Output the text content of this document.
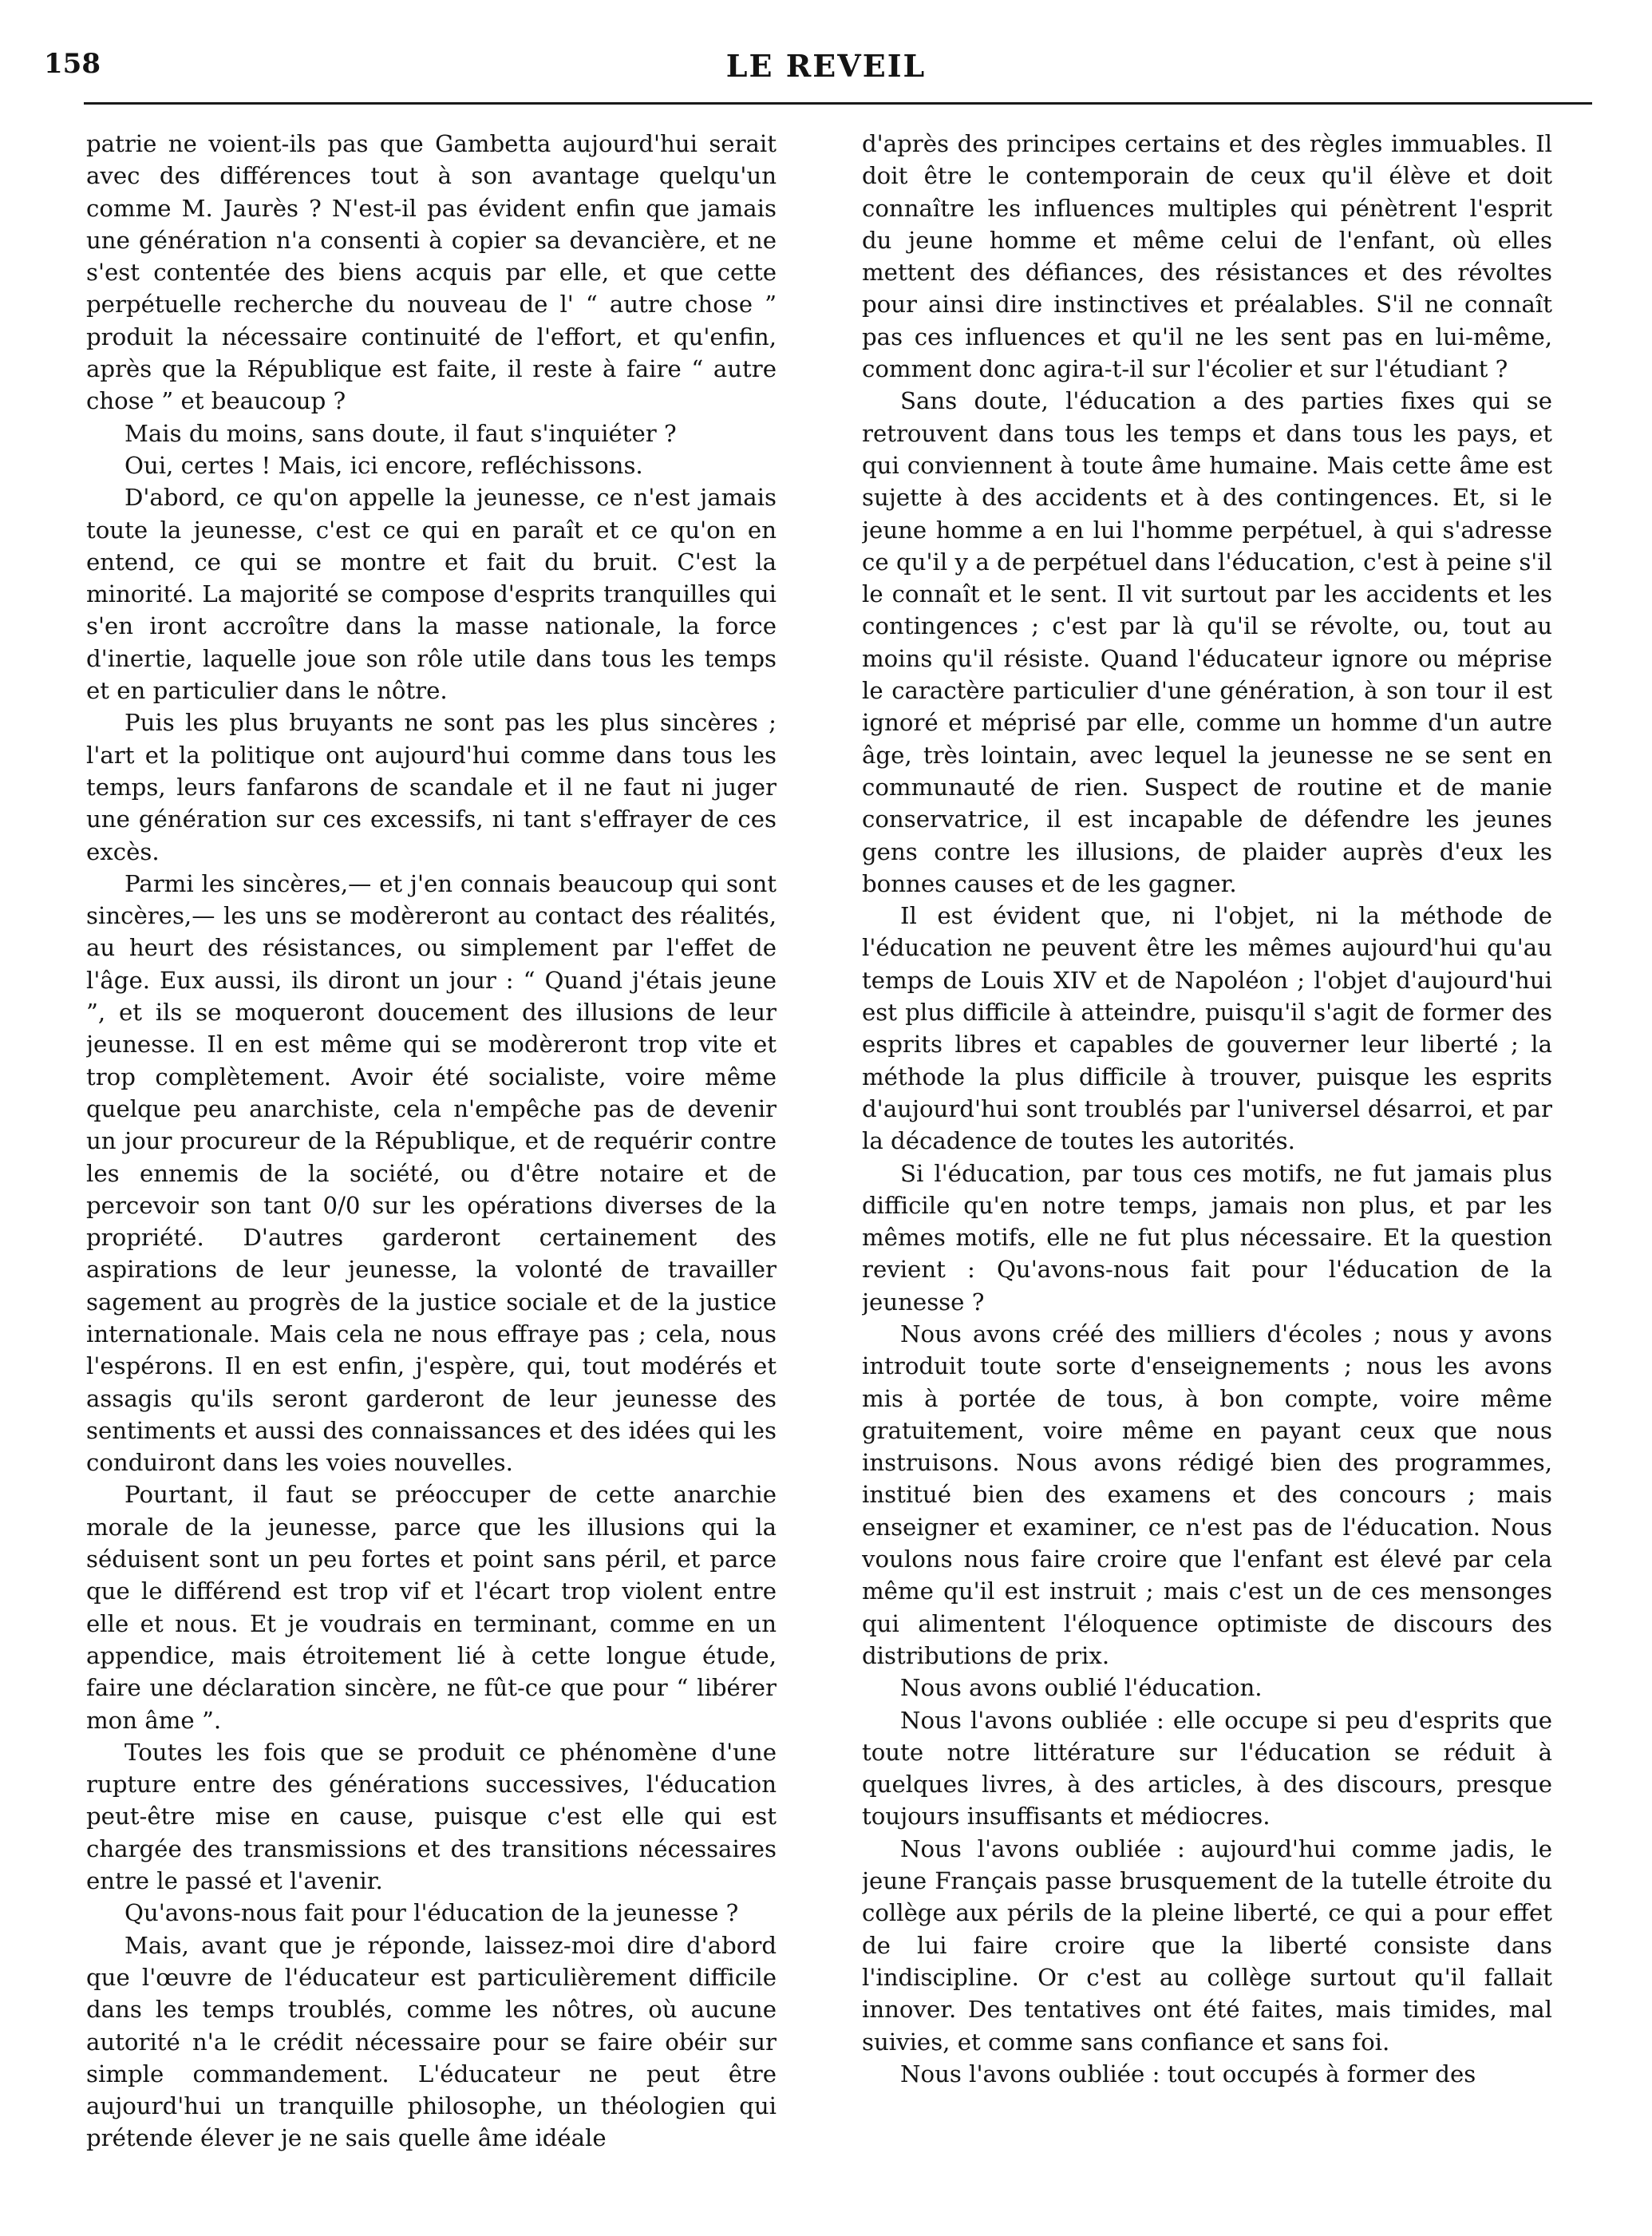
158	LE REVEIL

patrie ne voient-ils pas que Gambetta aujourd'hui serait avec des différences tout à son avantage quelqu'un comme M. Jaurès ? N'est-il pas évident enfin que jamais une génération n'a consenti à copier sa devancière, et ne s'est contentée des biens acquis par elle, et que cette perpétuelle recherche du nouveau de l' “ autre chose ” produit la nécessaire continuité de l'effort, et qu'enfin, après que la République est faite, il reste à faire “ autre chose ” et beaucoup ?

Mais du moins, sans doute, il faut s'inquiéter ?

Oui, certes ! Mais, ici encore, refléchissons.

D'abord, ce qu'on appelle la jeunesse, ce n'est jamais toute la jeunesse, c'est ce qui en paraît et ce qu'on en entend, ce qui se montre et fait du bruit. C'est la minorité. La majorité se compose d'esprits tranquilles qui s'en iront accroître dans la masse nationale, la force d'inertie, laquelle joue son rôle utile dans tous les temps et en particulier dans le nôtre.

Puis les plus bruyants ne sont pas les plus sincères ; l'art et la politique ont aujourd'hui comme dans tous les temps, leurs fanfarons de scandale et il ne faut ni juger une génération sur ces excessifs, ni tant s'effrayer de ces excès.

Parmi les sincères,— et j'en connais beaucoup qui sont sincères,— les uns se modèreront au contact des réalités, au heurt des résistances, ou simplement par l'effet de l'âge. Eux aussi, ils diront un jour : “ Quand j'étais jeune ”, et ils se moqueront doucement des illusions de leur jeunesse. Il en est même qui se modèreront trop vite et trop complètement. Avoir été socialiste, voire même quelque peu anarchiste, cela n'empêche pas de devenir un jour procureur de la République, et de requérir contre les ennemis de la société, ou d'être notaire et de percevoir son tant 0/0 sur les opérations diverses de la propriété. D'autres garderont certainement des aspirations de leur jeunesse, la volonté de travailler sagement au progrès de la justice sociale et de la justice internationale. Mais cela ne nous effraye pas ; cela, nous l'espérons. Il en est enfin, j'espère, qui, tout modérés et assagis qu'ils seront garderont de leur jeunesse des sentiments et aussi des connaissances et des idées qui les conduiront dans les voies nouvelles.

Pourtant, il faut se préoccuper de cette anarchie morale de la jeunesse, parce que les illusions qui la séduisent sont un peu fortes et point sans péril, et parce que le différend est trop vif et l'écart trop violent entre elle et nous. Et je voudrais en terminant, comme en un appendice, mais étroitement lié à cette longue étude, faire une déclaration sincère, ne fût-ce que pour “ libérer mon âme ”.

Toutes les fois que se produit ce phénomène d'une rupture entre des générations successives, l'éducation peut-être mise en cause, puisque c'est elle qui est chargée des transmissions et des transitions nécessaires entre le passé et l'avenir.

Qu'avons-nous fait pour l'éducation de la jeunesse ?

Mais, avant que je réponde, laissez-moi dire d'abord que l'œuvre de l'éducateur est particulièrement difficile dans les temps troublés, comme les nôtres, où aucune autorité n'a le crédit nécessaire pour se faire obéir sur simple commandement. L'éducateur ne peut être aujourd'hui un tranquille philosophe, un théologien qui prétende élever je ne sais quelle âme idéale

d'après des principes certains et des règles immuables. Il doit être le contemporain de ceux qu'il élève et doit connaître les influences multiples qui pénètrent l'esprit du jeune homme et même celui de l'enfant, où elles mettent des défiances, des résistances et des révoltes pour ainsi dire instinctives et préalables. S'il ne connaît pas ces influences et qu'il ne les sent pas en lui-même, comment donc agira-t-il sur l'écolier et sur l'étudiant ?

Sans doute, l'éducation a des parties fixes qui se retrouvent dans tous les temps et dans tous les pays, et qui conviennent à toute âme humaine. Mais cette âme est sujette à des accidents et à des contingences. Et, si le jeune homme a en lui l'homme perpétuel, à qui s'adresse ce qu'il y a de perpétuel dans l'éducation, c'est à peine s'il le connaît et le sent. Il vit surtout par les accidents et les contingences ; c'est par là qu'il se révolte, ou, tout au moins qu'il résiste. Quand l'éducateur ignore ou méprise le caractère particulier d'une génération, à son tour il est ignoré et méprisé par elle, comme un homme d'un autre âge, très lointain, avec lequel la jeunesse ne se sent en communauté de rien. Suspect de routine et de manie conservatrice, il est incapable de défendre les jeunes gens contre les illusions, de plaider auprès d'eux les bonnes causes et de les gagner.

Il est évident que, ni l'objet, ni la méthode de l'éducation ne peuvent être les mêmes aujourd'hui qu'au temps de Louis XIV et de Napoléon ; l'objet d'aujourd'hui est plus difficile à atteindre, puisqu'il s'agit de former des esprits libres et capables de gouverner leur liberté ; la méthode la plus difficile à trouver, puisque les esprits d'aujourd'hui sont troublés par l'universel désarroi, et par la décadence de toutes les autorités.

Si l'éducation, par tous ces motifs, ne fut jamais plus difficile qu'en notre temps, jamais non plus, et par les mêmes motifs, elle ne fut plus nécessaire. Et la question revient : Qu'avons-nous fait pour l'éducation de la jeunesse ?

Nous avons créé des milliers d'écoles ; nous y avons introduit toute sorte d'enseignements ; nous les avons mis à portée de tous, à bon compte, voire même gratuitement, voire même en payant ceux que nous instruisons. Nous avons rédigé bien des programmes, institué bien des examens et des concours ; mais enseigner et examiner, ce n'est pas de l'éducation. Nous voulons nous faire croire que l'enfant est élevé par cela même qu'il est instruit ; mais c'est un de ces mensonges qui alimentent l'éloquence optimiste de discours des distributions de prix.

Nous avons oublié l'éducation.

Nous l'avons oubliée : elle occupe si peu d'esprits que toute notre littérature sur l'éducation se réduit à quelques livres, à des articles, à des discours, presque toujours insuffisants et médiocres.

Nous l'avons oubliée : aujourd'hui comme jadis, le jeune Français passe brusquement de la tutelle étroite du collège aux périls de la pleine liberté, ce qui a pour effet de lui faire croire que la liberté consiste dans l'indiscipline. Or c'est au collège surtout qu'il fallait innover. Des tentatives ont été faites, mais timides, mal suivies, et comme sans confiance et sans foi.

Nous l'avons oubliée : tout occupés à former des
